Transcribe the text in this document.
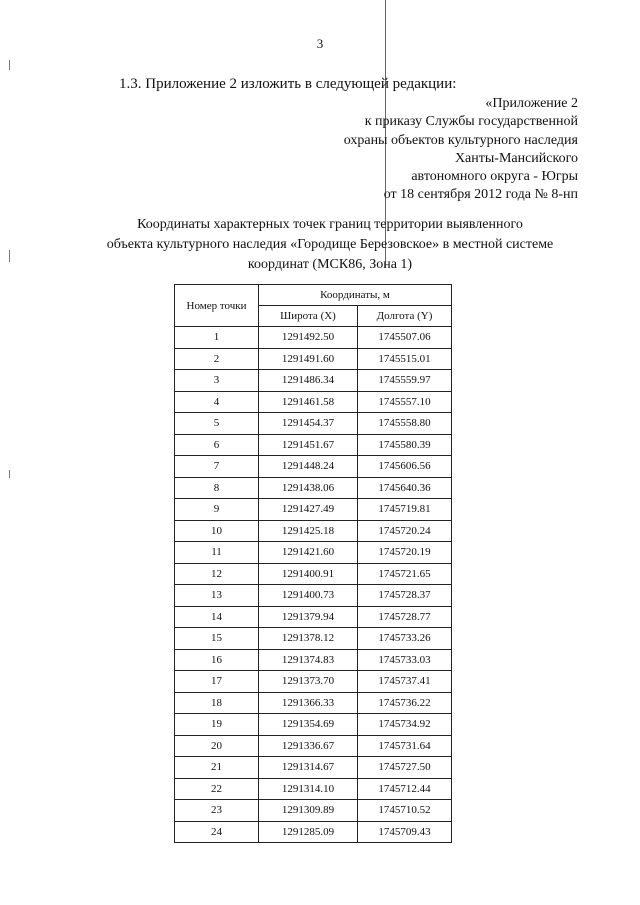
3
1.3. Приложение 2 изложить в следующей редакции:
«Приложение 2
к приказу Службы государственной
охраны объектов культурного наследия
Ханты-Мансийского
автономного округа - Югры
от 18 сентября 2012 года № 8-нп
Координаты характерных точек границ территории выявленного
объекта культурного наследия «Городище Березовское» в местной системе
координат (МСК86, Зона 1)
Номер точки	Координаты, м	
	Широта (X)	Долгота (Y)
1	1291492.50	1745507.06
2	1291491.60	1745515.01
3	1291486.34	1745559.97
4	1291461.58	1745557.10
5	1291454.37	1745558.80
6	1291451.67	1745580.39
7	1291448.24	1745606.56
8	1291438.06	1745640.36
9	1291427.49	1745719.81
10	1291425.18	1745720.24
11	1291421.60	1745720.19
12	1291400.91	1745721.65
13	1291400.73	1745728.37
14	1291379.94	1745728.77
15	1291378.12	1745733.26
16	1291374.83	1745733.03
17	1291373.70	1745737.41
18	1291366.33	1745736.22
19	1291354.69	1745734.92
20	1291336.67	1745731.64
21	1291314.67	1745727.50
22	1291314.10	1745712.44
23	1291309.89	1745710.52
24	1291285.09	1745709.43
